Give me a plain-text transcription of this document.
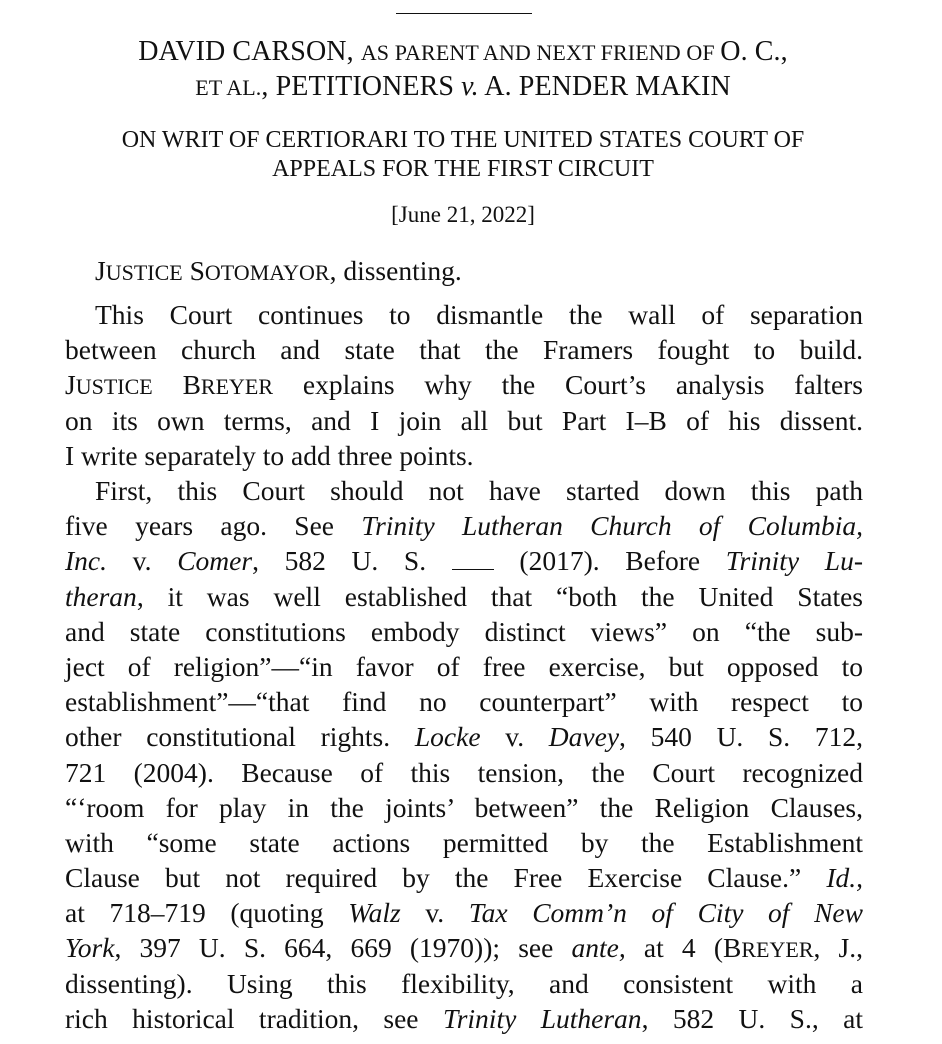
DAVID CARSON, AS PARENT AND NEXT FRIEND OF O. C.,
ET AL., PETITIONERS v. A. PENDER MAKIN
ON WRIT OF CERTIORARI TO THE UNITED STATES COURT OF
APPEALS FOR THE FIRST CIRCUIT
[June 21, 2022]
JUSTICE SOTOMAYOR, dissenting.
This Court continues to dismantle the wall of separation
between church and state that the Framers fought to build.
JUSTICE BREYER explains why the Court’s analysis falters
on its own terms, and I join all but Part I–B of his dissent.
I write separately to add three points.
First, this Court should not have started down this path
five years ago. See Trinity Lutheran Church of Columbia,
Inc. v. Comer, 582 U. S.  (2017). Before Trinity Lu-
theran, it was well established that “both the United States
and state constitutions embody distinct views” on “the sub-
ject of religion”—“in favor of free exercise, but opposed to
establishment”—“that find no counterpart” with respect to
other constitutional rights. Locke v. Davey, 540 U. S. 712,
721 (2004). Because of this tension, the Court recognized
“‘room for play in the joints’ between” the Religion Clauses,
with “some state actions permitted by the Establishment
Clause but not required by the Free Exercise Clause.” Id.,
at 718–719 (quoting Walz v. Tax Comm’n of City of New
York, 397 U. S. 664, 669 (1970)); see ante, at 4 (BREYER, J.,
dissenting). Using this flexibility, and consistent with a
rich historical tradition, see Trinity Lutheran, 582 U. S., at
